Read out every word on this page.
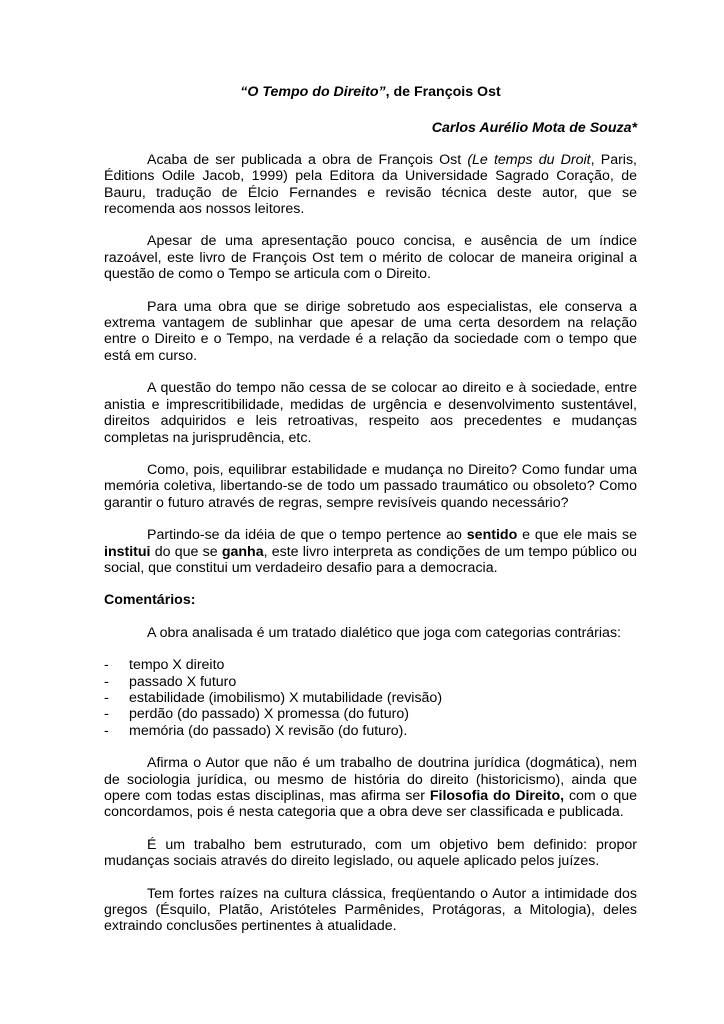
“O Tempo do Direito”, de François Ost

Carlos Aurélio Mota de Souza*

Acaba de ser publicada a obra de François Ost (Le temps du Droit, Paris, Éditions Odile Jacob, 1999) pela Editora da Universidade Sagrado Coração, de Bauru, tradução de Élcio Fernandes e revisão técnica deste autor, que se recomenda aos nossos leitores.

Apesar de uma apresentação pouco concisa, e ausência de um índice razoável, este livro de François Ost tem o mérito de colocar de maneira original a questão de como o Tempo se articula com o Direito.

Para uma obra que se dirige sobretudo aos especialistas, ele conserva a extrema vantagem de sublinhar que apesar de uma certa desordem na relação entre o Direito e o Tempo, na verdade é a relação da sociedade com o tempo que está em curso.

A questão do tempo não cessa de se colocar ao direito e à sociedade, entre anistia e imprescritibilidade, medidas de urgência e desenvolvimento sustentável, direitos adquiridos e leis retroativas, respeito aos precedentes e mudanças completas na jurisprudência, etc.

Como, pois, equilibrar estabilidade e mudança no Direito? Como fundar uma memória coletiva, libertando-se de todo um passado traumático ou obsoleto? Como garantir o futuro através de regras, sempre revisíveis quando necessário?

Partindo-se da idéia de que o tempo pertence ao sentido e que ele mais se institui do que se ganha, este livro interpreta as condições de um tempo público ou social, que constitui um verdadeiro desafio para a democracia.

Comentários:

A obra analisada é um tratado dialético que joga com categorias contrárias:

- tempo X direito
- passado X futuro
- estabilidade (imobilismo) X mutabilidade (revisão)
- perdão (do passado) X promessa (do futuro)
- memória (do passado) X revisão (do futuro).

Afirma o Autor que não é um trabalho de doutrina jurídica (dogmática), nem de sociologia jurídica, ou mesmo de história do direito (historicismo), ainda que opere com todas estas disciplinas, mas afirma ser Filosofia do Direito, com o que concordamos, pois é nesta categoria que a obra deve ser classificada e publicada.

É um trabalho bem estruturado, com um objetivo bem definido: propor mudanças sociais através do direito legislado, ou aquele aplicado pelos juízes.

Tem fortes raízes na cultura clássica, freqüentando o Autor a intimidade dos gregos (Ésquilo, Platão, Aristóteles Parmênides, Protágoras, a Mitologia), deles extraindo conclusões pertinentes à atualidade.
